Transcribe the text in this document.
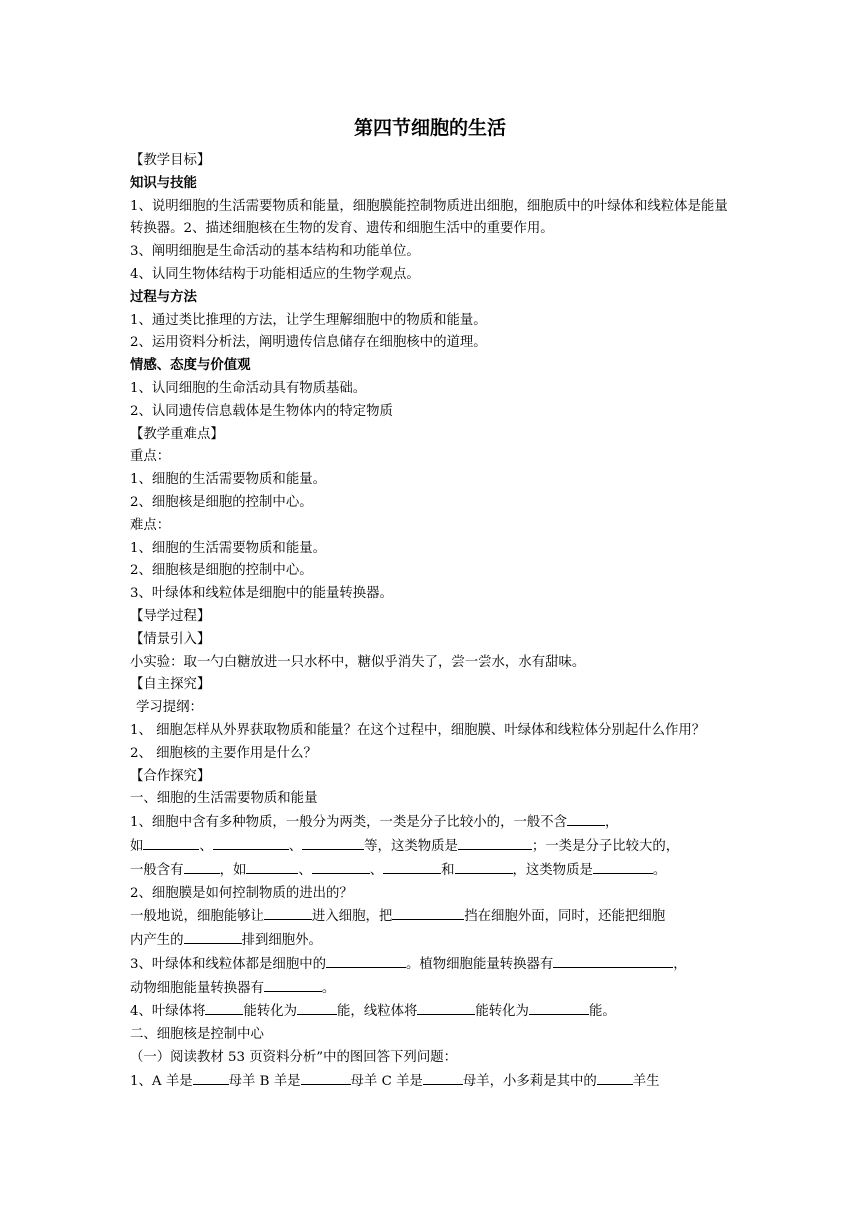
第四节细胞的生活

【教学目标】

知识与技能

1、说明细胞的生活需要物质和能量，细胞膜能控制物质进出细胞，细胞质中的叶绿体和线粒体是能量转换器。2、描述细胞核在生物的发育、遗传和细胞生活中的重要作用。

3、阐明细胞是生命活动的基本结构和功能单位。

4、认同生物体结构于功能相适应的生物学观点。

过程与方法

1、通过类比推理的方法，让学生理解细胞中的物质和能量。

2、运用资料分析法，阐明遗传信息储存在细胞核中的道理。

情感、态度与价值观

1、认同细胞的生命活动具有物质基础。

2、认同遗传信息载体是生物体内的特定物质

【教学重难点】

重点：

1、细胞的生活需要物质和能量。

2、细胞核是细胞的控制中心。

难点：

1、细胞的生活需要物质和能量。

2、细胞核是细胞的控制中心。

3、叶绿体和线粒体是细胞中的能量转换器。

【导学过程】

【情景引入】

小实验：取一勺白糖放进一只水杯中，糖似乎消失了，尝一尝水，水有甜味。

【自主探究】

学习提纲：

1、 细胞怎样从外界获取物质和能量？在这个过程中，细胞膜、叶绿体和线粒体分别起什么作用？

2、 细胞核的主要作用是什么？

【合作探究】

一、细胞的生活需要物质和能量

1、细胞中含有多种物质，一般分为两类，一类是分子比较小的，一般不含	，

如	、	、	等，这类物质是	；一类是分子比较大的，

一般含有	，如	、	、	和	，这类物质是	。

2、细胞膜是如何控制物质的进出的？

一般地说，细胞能够让	进入细胞，把	挡在细胞外面，同时，还能把细胞

内产生的	排到细胞外。

3、叶绿体和线粒体都是细胞中的	。植物细胞能量转换器有	，

动物细胞能量转换器有	。

4、叶绿体将	能转化为	能，线粒体将	能转化为	能。

二、细胞核是控制中心

（一）阅读教材 53 页资料分析”中的图回答下列问题：

1、A 羊是	母羊 B 羊是	母羊 C 羊是	母羊，小多莉是其中的	羊生
